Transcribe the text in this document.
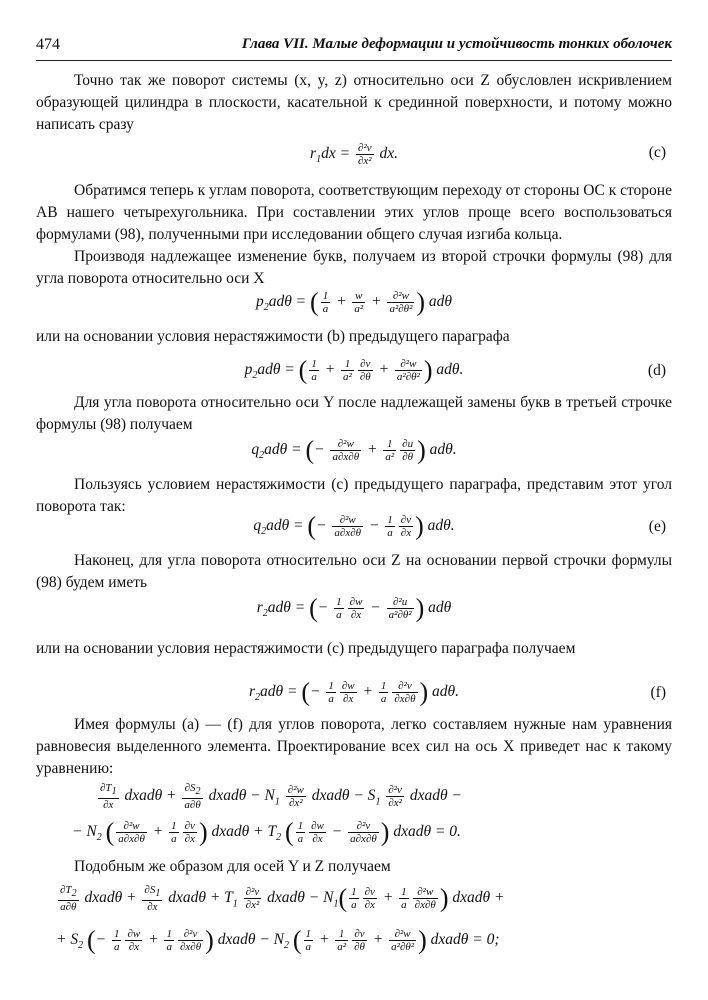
474	Глава VII. Малые деформации и устойчивость тонких оболочек

Точно так же поворот системы (x, y, z) относительно оси Z обусловлен искривлением образующей цилиндра в плоскости, касательной к срединной поверхности, и потому можно написать сразу

$r_1dx = \frac{\text{∂²v}}{\text{∂x²}}$ dx.	(c)

Обратимся теперь к углам поворота, соответствующим переходу от стороны OC к стороне AB нашего четырехугольника. При составлении этих углов проще всего воспользоваться формулами (98), полученными при исследовании общего случая изгиба кольца.

Производя надлежащее изменение букв, получаем из второй строчки формулы (98) для угла поворота относительно оси X

$p_2ad\theta$ = ( $\frac{1}{a} + \frac{w}{\text{a²}} + \frac{\text{∂²w}}{\text{a²∂θ²}}$ ) adθ

или на основании условия нерастяжимости (b) предыдущего параграфа

$p_2ad\theta$ = ( $\frac{1}{a} + \frac{1}{\text{a²}} \frac{\partial v}{\partial\theta} + \frac{\text{∂²w}}{\text{a²∂θ²}}$ ) adθ.	(d)

Для угла поворота относительно оси Y после надлежащей замены букв в третьей строчке формулы (98) получаем

$q_2ad\theta$ = (− $\frac{\text{∂²w}}{a\partial x\partial\theta} + \frac{1}{\text{a²}} \frac{\partial u}{\partial\theta}$ ) adθ.

Пользуясь условием нерастяжимости (c) предыдущего параграфа, представим этот угол поворота так:

$q_2ad\theta$ = (− $\frac{\text{∂²w}}{a\partial x\partial\theta} - \frac{1}{a} \frac{\partial v}{\partial x}$ ) adθ.	(e)

Наконец, для угла поворота относительно оси Z на основании первой строчки формулы (98) будем иметь

$r_2ad\theta$ = (− $\frac{1}{a} \frac{\partial w}{\partial x} - \frac{\text{∂²u}}{\text{a²∂θ²}}$ ) adθ

или на основании условия нерастяжимости (c) предыдущего параграфа получаем

$r_2ad\theta$ = (− $\frac{1}{a} \frac{\partial w}{\partial x} + \frac{1}{a} \frac{\text{∂²v}}{\partial x\partial\theta}$ ) adθ.	(f)

Имея формулы (a) — (f) для углов поворота, легко составляем нужные нам уравнения равновесия выделенного элемента. Проектирование всех сил на ось X приведет нас к такому уравнению:

$\frac{\partial T_1}{\partial x}$ dxadθ + $\frac{\partial S_2}{a\partial\theta}$ dxadθ − $N_1 \frac{\text{∂²w}}{\text{∂x²}}$ dxadθ − $S_1 \frac{\text{∂²v}}{\text{∂x²}}$ dxadθ −
− $N_2$ ( $\frac{\text{∂²w}}{a\partial x\partial\theta} + \frac{1}{a} \frac{\partial v}{\partial x}$ ) dxadθ + $T_2$ ( $\frac{1}{a} \frac{\partial w}{\partial x} - \frac{\text{∂²v}}{a\partial x\partial\theta}$ ) dxadθ = 0.

Подобным же образом для осей Y и Z получаем

$\frac{\partial T_2}{a\partial\theta}$ dxadθ + $\frac{\partial S_1}{\partial x}$ dxadθ + $T_1 \frac{\text{∂²v}}{\text{∂x²}}$ dxadθ − $N_1( \frac{1}{a} \frac{\partial v}{\partial x} + \frac{1}{a} \frac{\text{∂²w}}{\partial x\partial\theta}$ ) dxadθ +
+ $S_2$ (− $\frac{1}{a} \frac{\partial w}{\partial x} + \frac{1}{a} \frac{\text{∂²v}}{\partial x\partial\theta}$ ) dxadθ − $N_2$ ( $\frac{1}{a} + \frac{1}{\text{a²}} \frac{\partial v}{\partial\theta} + \frac{\text{∂²w}}{\text{a²∂θ²}}$ ) dxadθ = 0;
